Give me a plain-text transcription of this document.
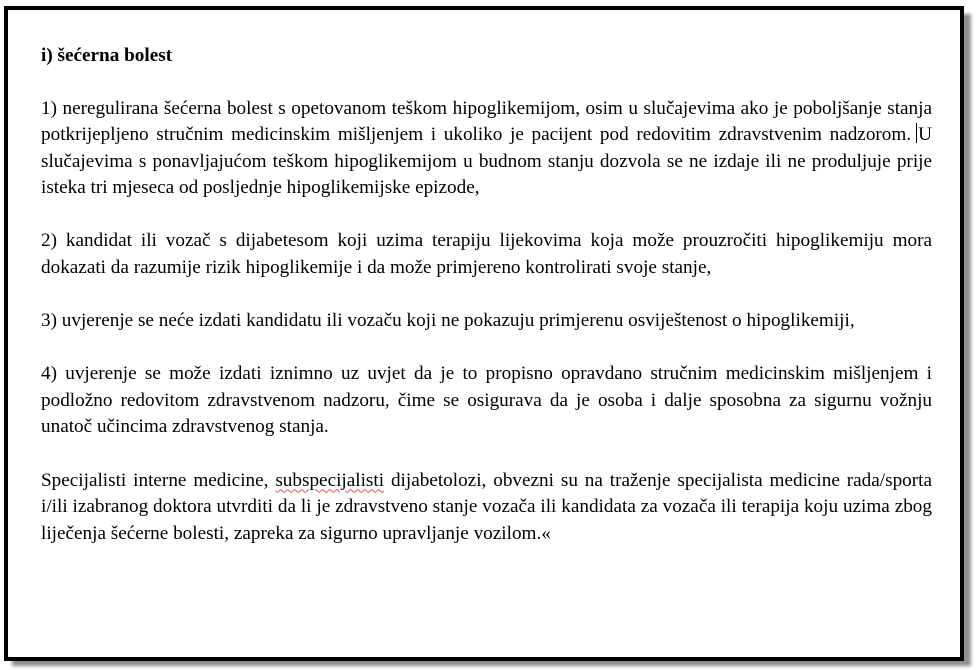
i) šećerna bolest

1) neregulirana šećerna bolest s opetovanom teškom hipoglikemijom, osim u slučajevima ako je poboljšanje stanja potkrijepljeno stručnim medicinskim mišljenjem i ukoliko je pacijent pod redovitim zdravstvenim nadzorom. U slučajevima s ponavljajućom teškom hipoglikemijom u budnom stanju dozvola se ne izdaje ili ne produljuje prije isteka tri mjeseca od posljednje hipoglikemijske epizode,

2) kandidat ili vozač s dijabetesom koji uzima terapiju lijekovima koja može prouzročiti hipoglikemiju mora dokazati da razumije rizik hipoglikemije i da može primjereno kontrolirati svoje stanje,

3) uvjerenje se neće izdati kandidatu ili vozaču koji ne pokazuju primjerenu osviještenost o hipoglikemiji,

4) uvjerenje se može izdati iznimno uz uvjet da je to propisno opravdano stručnim medicinskim mišljenjem i podložno redovitom zdravstvenom nadzoru, čime se osigurava da je osoba i dalje sposobna za sigurnu vožnju unatoč učincima zdravstvenog stanja.

Specijalisti interne medicine, subspecijalisti dijabetolozi, obvezni su na traženje specijalista medicine rada/sporta i/ili izabranog doktora utvrditi da li je zdravstveno stanje vozača ili kandidata za vozača ili terapija koju uzima zbog liječenja šećerne bolesti, zapreka za sigurno upravljanje vozilom.«
